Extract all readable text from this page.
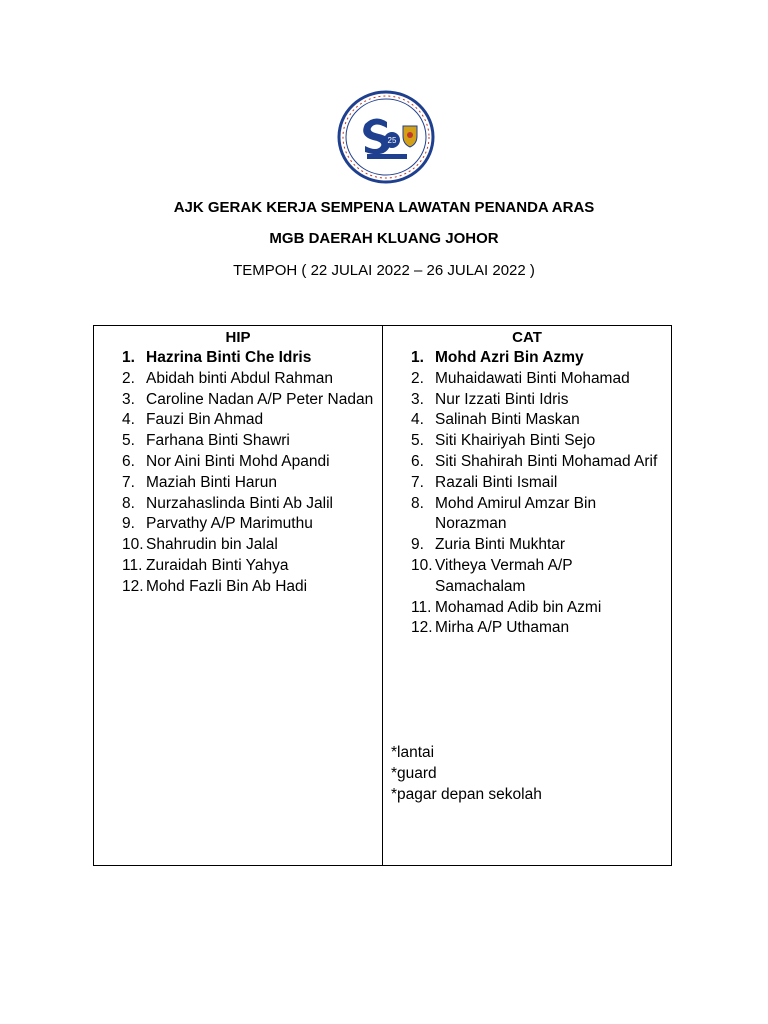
25
AJK GERAK KERJA SEMPENA LAWATAN PENANDA ARAS
MGB DAERAH KLUANG JOHOR
TEMPOH ( 22 JULAI 2022 – 26 JULAI 2022 )
HIP
1. Hazrina Binti Che Idris
2. Abidah binti Abdul Rahman
3. Caroline Nadan A/P Peter Nadan
4. Fauzi Bin Ahmad
5. Farhana Binti Shawri
6. Nor Aini Binti Mohd Apandi
7. Maziah Binti Harun
8. Nurzahaslinda Binti Ab Jalil
9. Parvathy A/P Marimuthu
10. Shahrudin bin Jalal
11. Zuraidah Binti Yahya
12. Mohd Fazli Bin Ab Hadi
CAT
1. Mohd Azri Bin Azmy
2. Muhaidawati Binti Mohamad
3. Nur Izzati Binti Idris
4. Salinah Binti Maskan
5. Siti Khairiyah Binti Sejo
6. Siti Shahirah Binti Mohamad Arif
7. Razali Binti Ismail
8. Mohd Amirul Amzar Bin Norazman
9. Zuria Binti Mukhtar
10. Vitheya Vermah A/P Samachalam
11. Mohamad Adib bin Azmi
12. Mirha A/P Uthaman
*lantai
*guard
*pagar depan sekolah
